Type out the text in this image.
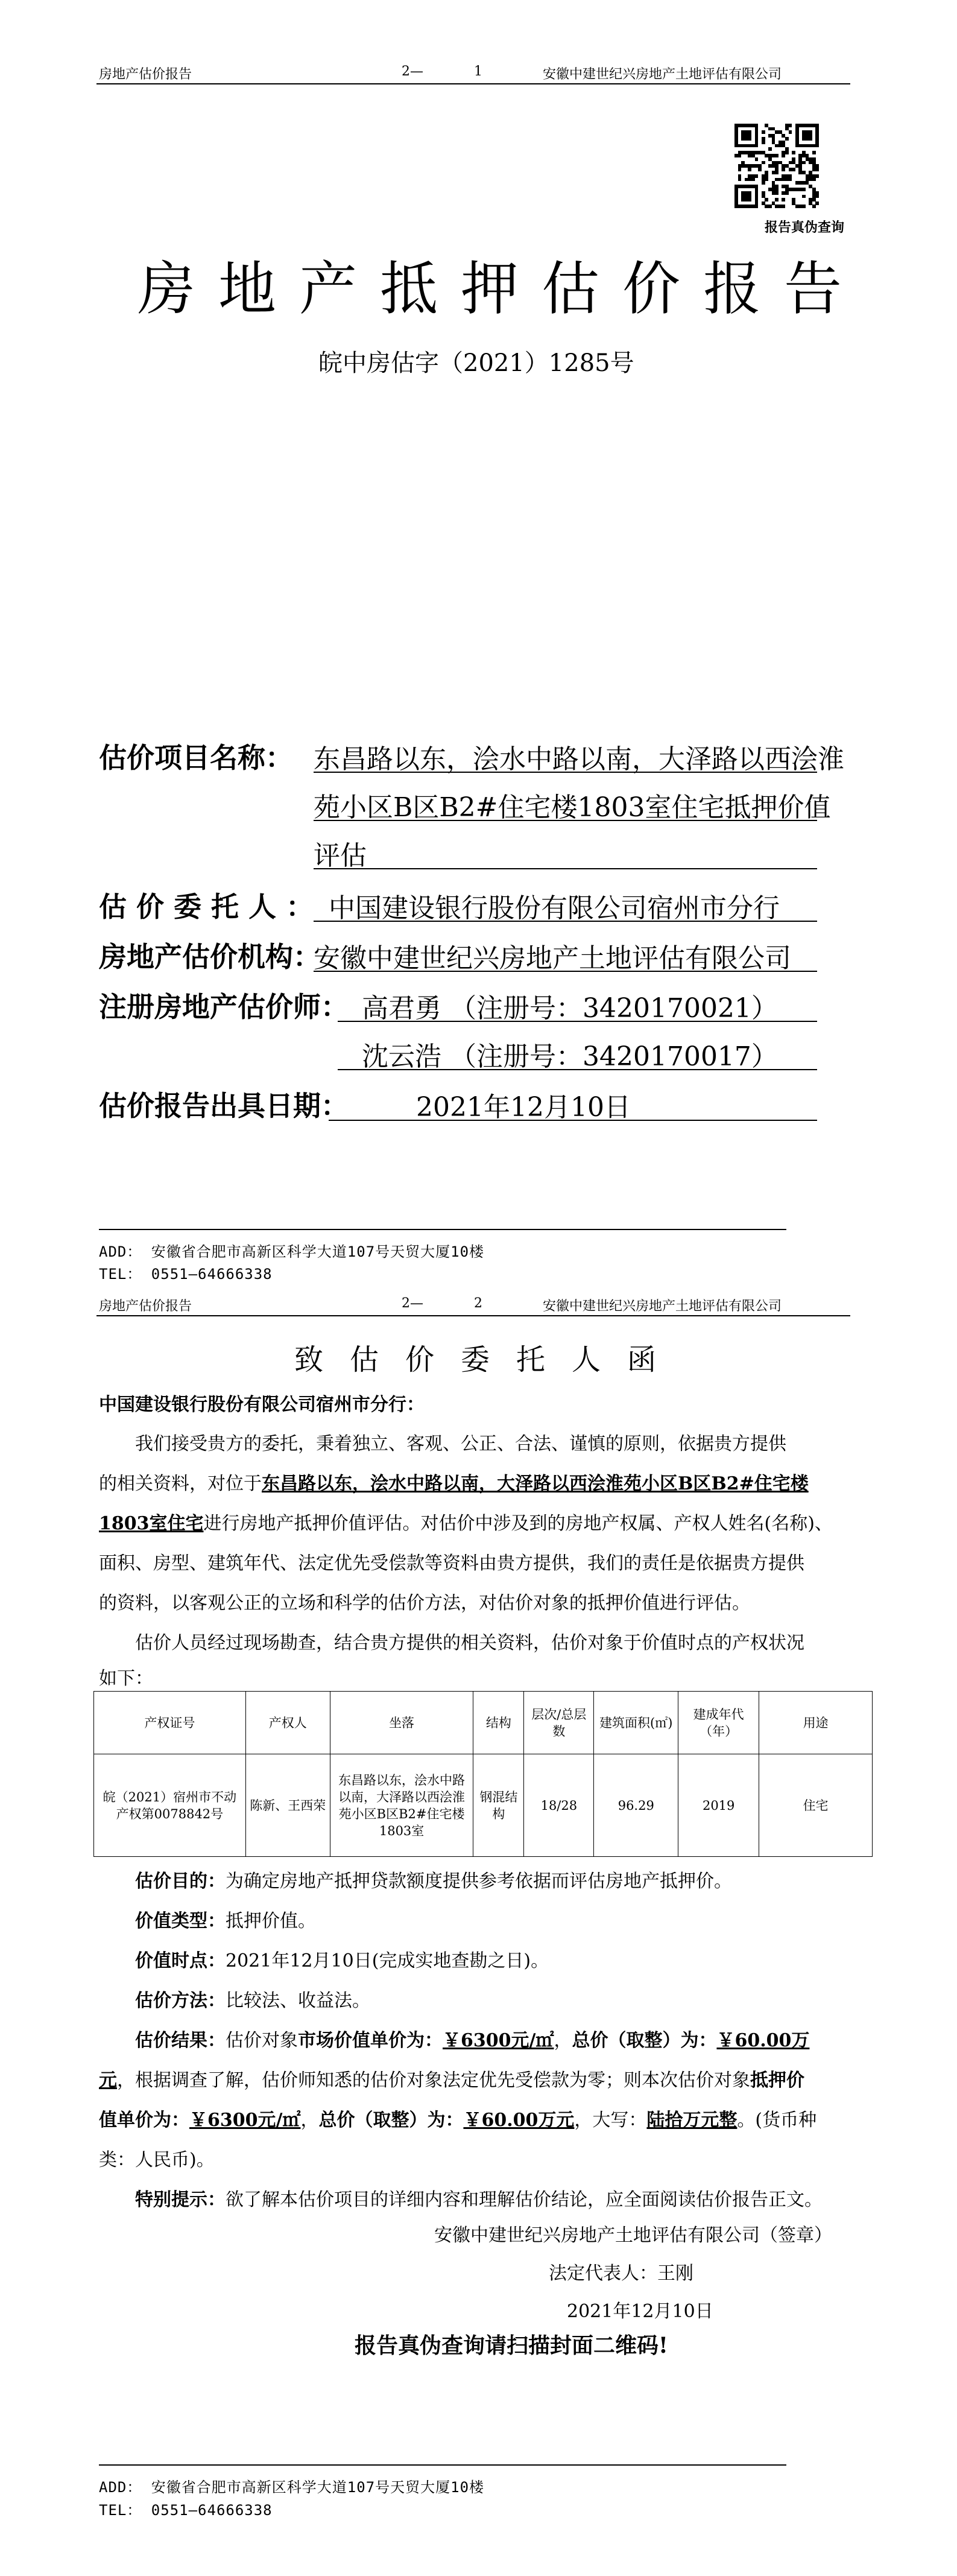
房地产估价报告	2—	1	安徽中建世纪兴房地产土地评估有限公司
报告真伪查询
房地产抵押估价报告
皖中房估字（2021）1285号
估价项目名称： 东昌路以东，浍水中路以南，大泽路以西浍淮
苑小区B区B2#住宅楼1803室住宅抵押价值
评估
估 价 委 托 人 ： 中国建设银行股份有限公司宿州市分行
房地产估价机构：
安徽中建世纪兴房地产土地评估有限公司
注册房地产估价师： 高君勇 （注册号：3420170021）
沈云浩 （注册号：3420170017）
估价报告出具日期：	2021年12月10日
ADD： 安徽省合肥市高新区科学大道107号天贸大厦10楼
TEL： 0551—64666338
房地产估价报告	2—	2	安徽中建世纪兴房地产土地评估有限公司
致估价委托人函
中国建设银行股份有限公司宿州市分行：
我们接受贵方的委托，秉着独立、客观、公正、合法、谨慎的原则，依据贵方提供
的相关资料，对位于东昌路以东，浍水中路以南，大泽路以西浍淮苑小区B区B2#住宅楼
1803室住宅进行房地产抵押价值评估。对估价中涉及到的房地产权属、产权人姓名(名称)、
面积、房型、建筑年代、法定优先受偿款等资料由贵方提供，我们的责任是依据贵方提供
的资料，以客观公正的立场和科学的估价方法，对估价对象的抵押价值进行评估。
估价人员经过现场勘查，结合贵方提供的相关资料，估价对象于价值时点的产权状况
如下：
产权证号	产权人	坐落	结构	层次/总层数	建筑面积(㎡)	建成年代（年）	用途
皖（2021）宿州市不动产权第0078842号	陈新、王西荣	东昌路以东，浍水中路以南，大泽路以西浍淮苑小区B区B2#住宅楼1803室	钢混结构	18/28	96.29	2019	住宅
估价目的：为确定房地产抵押贷款额度提供参考依据而评估房地产抵押价。
价值类型：抵押价值。
价值时点：2021年12月10日(完成实地查勘之日)。
估价方法：比较法、收益法。
估价结果：估价对象市场价值单价为：￥6300元/㎡，总价（取整）为：￥60.00万
元，根据调查了解，估价师知悉的估价对象法定优先受偿款为零；则本次估价对象抵押价
值单价为：￥6300元/㎡，总价（取整）为：￥60.00万元，大写：陆拾万元整。(货币种
类：人民币)。
特别提示：欲了解本估价项目的详细内容和理解估价结论，应全面阅读估价报告正文。
安徽中建世纪兴房地产土地评估有限公司（签章）
法定代表人：王刚
2021年12月10日
报告真伪查询请扫描封面二维码!
ADD： 安徽省合肥市高新区科学大道107号天贸大厦10楼
TEL： 0551—64666338
